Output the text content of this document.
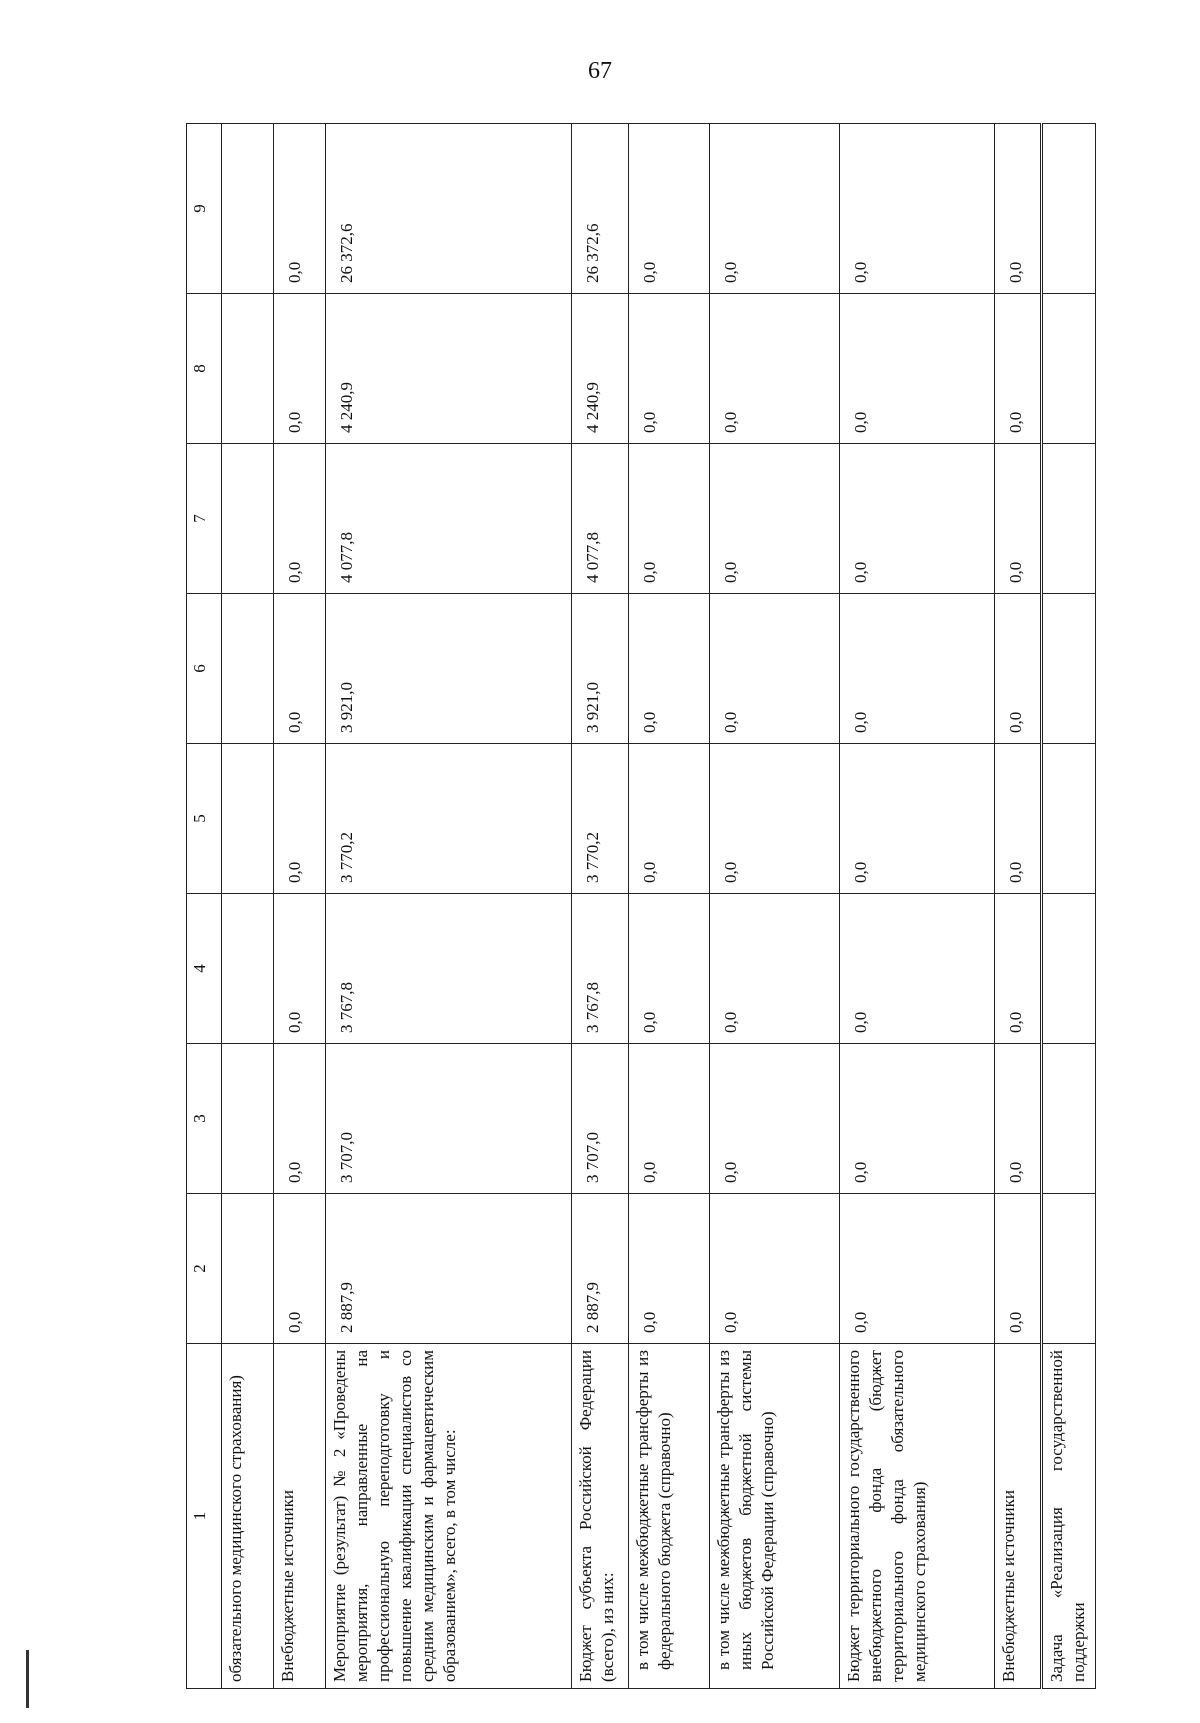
67
1	2	3	4	5	6	7	8	9
обязательного медицинского страхования)								
Внебюджетные источники	0,0	0,0	0,0	0,0	0,0	0,0	0,0	0,0
Мероприятие (результат) № 2 «Проведены мероприятия, направленные на профессиональную переподготовку и повышение квалификации специалистов со средним медицинским и фармацевтическим образованием», всего, в том числе:	2 887,9	3 707,0	3 767,8	3 770,2	3 921,0	4 077,8	4 240,9	26 372,6
Бюджет субъекта Российской Федерации (всего), из них:	2 887,9	3 707,0	3 767,8	3 770,2	3 921,0	4 077,8	4 240,9	26 372,6
в том числе межбюджетные трансферты из федерального бюджета (справочно)	0,0	0,0	0,0	0,0	0,0	0,0	0,0	0,0
в том числе межбюджетные трансферты из иных бюджетов бюджетной системы Российской Федерации (справочно)	0,0	0,0	0,0	0,0	0,0	0,0	0,0	0,0
Бюджет территориального государственного внебюджетного фонда (бюджет территориального фонда обязательного медицинского страхования)	0,0	0,0	0,0	0,0	0,0	0,0	0,0	0,0
Внебюджетные источники	0,0	0,0	0,0	0,0	0,0	0,0	0,0	0,0
Задача «Реализация государственной поддержки								
